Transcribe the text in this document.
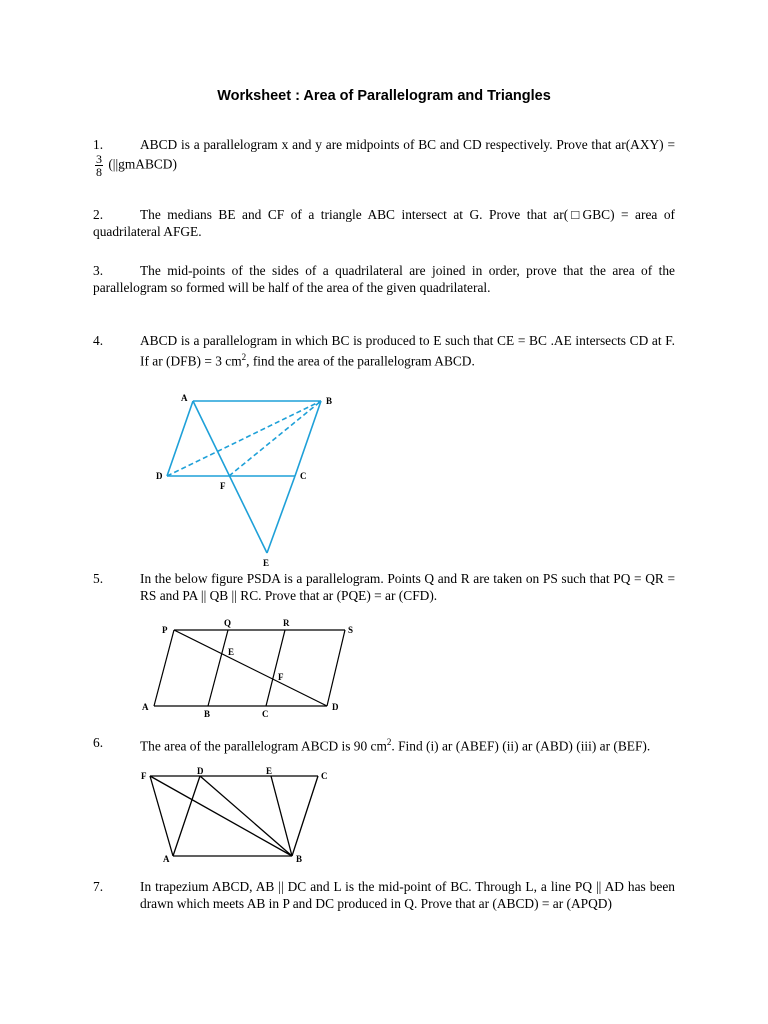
Worksheet : Area of Parallelogram and Triangles
1.	ABCD is a parallelogram x and y are midpoints of BC and CD respectively. Prove that ar(AXY) =
$\frac{3}{8}$ (||gmABCD)
2.	The medians BE and CF of a triangle ABC intersect at G. Prove that ar(□GBC) = area of quadrilateral AFGE.
3.	The mid-points of the sides of a quadrilateral are joined in order, prove that the area of the parallelogram so formed will be half of the area of the given quadrilateral.
4.	ABCD is a parallelogram in which BC is produced to E such that CE = BC .AE intersects CD at F. If ar (DFB) = 3 $cm^2$, find the area of the parallelogram ABCD.
5.	In the below figure PSDA is a parallelogram. Points Q and R are taken on PS such that PQ = QR = RS and PA || QB || RC. Prove that ar (PQE) = ar (CFD).
6.	The area of the parallelogram ABCD is 90 $cm^2$. Find (i) ar (ABEF) (ii) ar (ABD) (iii) ar (BEF).
7.	In trapezium ABCD, AB || DC and L is the mid-point of BC. Through L, a line PQ || AD has been drawn which meets AB in P and DC produced in Q. Prove that ar (ABCD) = ar (APQD)
A	B
D	C
F
E
P
Q	R
S
E
F
A
B	C
D
F	D	E	C
A	B
